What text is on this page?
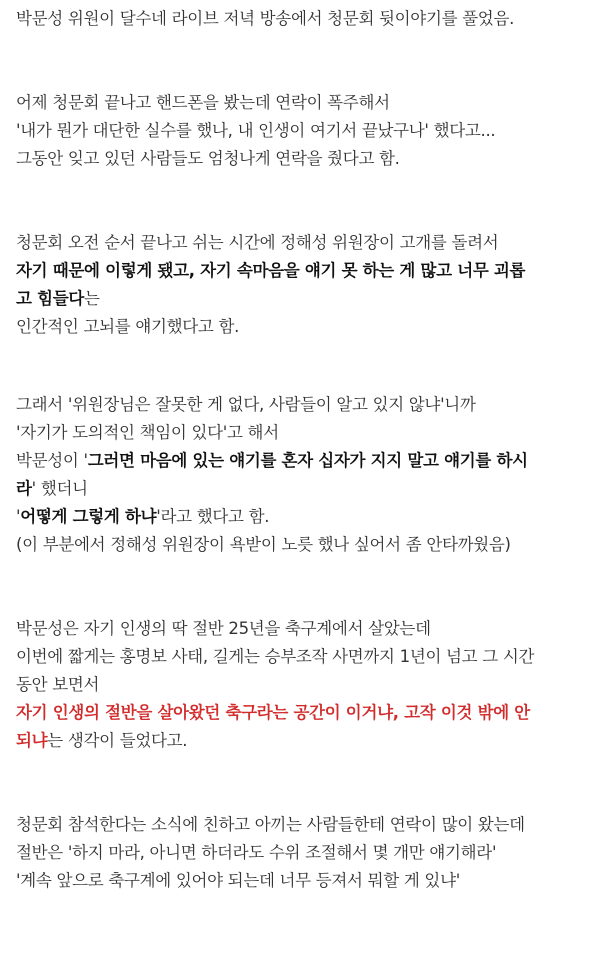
박문성 위원이 달수네 라이브 저녁 방송에서 청문회 뒷이야기를 풀었음.
어제 청문회 끝나고 핸드폰을 봤는데 연락이 폭주해서
'내가 뭔가 대단한 실수를 했나, 내 인생이 여기서 끝났구나' 했다고...
그동안 잊고 있던 사람들도 엄청나게 연락을 줬다고 함.
청문회 오전 순서 끝나고 쉬는 시간에 정해성 위원장이 고개를 돌려서
자기 때문에 이렇게 됐고, 자기 속마음을 얘기 못 하는 게 많고 너무 괴롭
고 힘들다는
인간적인 고뇌를 얘기했다고 함.
그래서 '위원장님은 잘못한 게 없다, 사람들이 알고 있지 않냐'니까
'자기가 도의적인 책임이 있다'고 해서
박문성이 '그러면 마음에 있는 얘기를 혼자 십자가 지지 말고 얘기를 하시
라' 했더니
'어떻게 그렇게 하냐'라고 했다고 함.
(이 부분에서 정해성 위원장이 욕받이 노릇 했나 싶어서 좀 안타까웠음)
박문성은 자기 인생의 딱 절반 25년을 축구계에서 살았는데
이번에 짧게는 홍명보 사태, 길게는 승부조작 사면까지 1년이 넘고 그 시간
동안 보면서
자기 인생의 절반을 살아왔던 축구라는 공간이 이거냐, 고작 이것 밖에 안
되냐는 생각이 들었다고.
청문회 참석한다는 소식에 친하고 아끼는 사람들한테 연락이 많이 왔는데
절반은 '하지 마라, 아니면 하더라도 수위 조절해서 몇 개만 얘기해라'
'계속 앞으로 축구계에 있어야 되는데 너무 등져서 뭐할 게 있냐'
